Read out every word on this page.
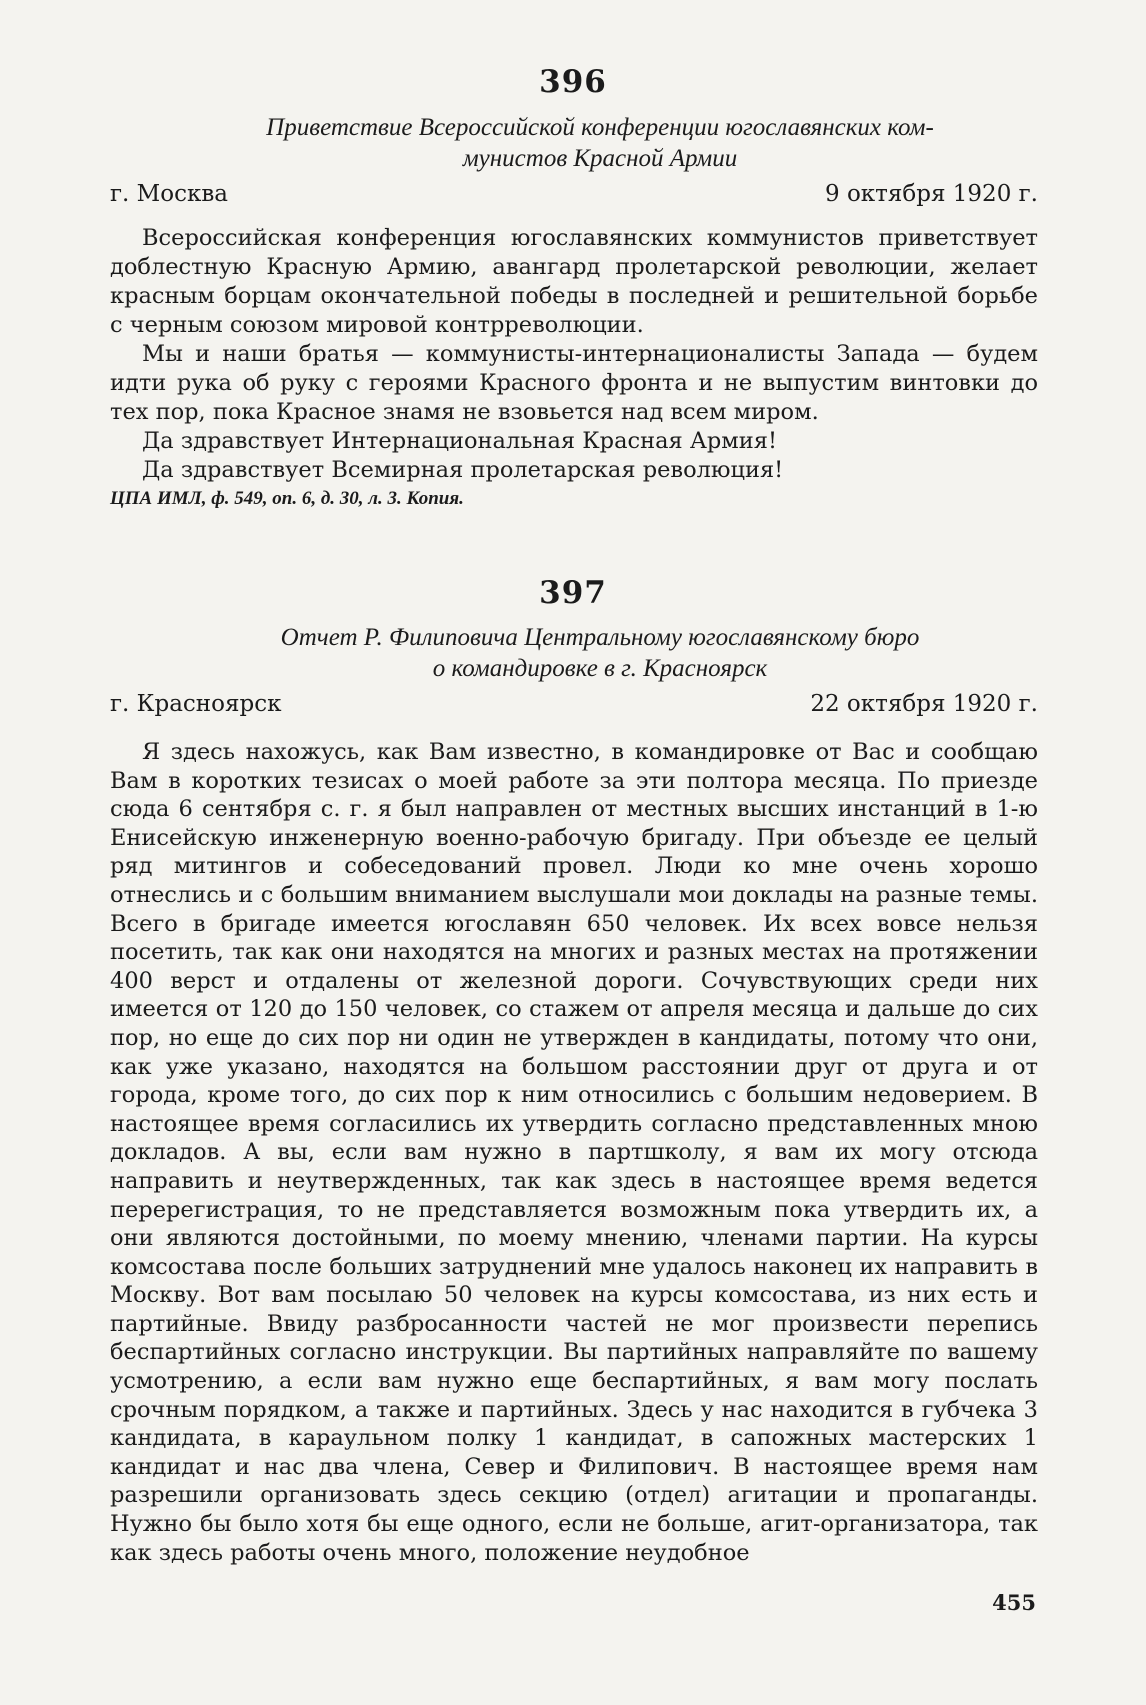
396
Приветствие Всероссийской конференции югославянских ком-
мунистов Красной Армии
г. Москва	9 октября 1920 г.

Всероссийская конференция югославянских коммунистов приветствует доблестную Красную Армию, авангард пролетарской революции, желает красным борцам окончательной победы в последней и решительной борьбе с черным союзом мировой контрреволюции.

Мы и наши братья — коммунисты-интернационалисты Запада — будем идти рука об руку с героями Красного фронта и не выпустим винтовки до тех пор, пока Красное знамя не взовьется над всем миром.

Да здравствует Интернациональная Красная Армия!

Да здравствует Всемирная пролетарская революция!

ЦПА ИМЛ, ф. 549, оп. 6, д. 30, л. 3. Копия.
397
Отчет Р. Филиповича Центральному югославянскому бюро
о командировке в г. Красноярск
г. Красноярск	22 октября 1920 г.

Я здесь нахожусь, как Вам известно, в командировке от Вас и сообщаю Вам в коротких тезисах о моей работе за эти полтора месяца. По приезде сюда 6 сентября с. г. я был направлен от местных высших инстанций в 1-ю Енисейскую инженерную военно-рабочую бригаду. При объезде ее целый ряд митингов и собеседований провел. Люди ко мне очень хорошо отнеслись и с большим вниманием выслушали мои доклады на разные темы. Всего в бригаде имеется югославян 650 человек. Их всех вовсе нельзя посетить, так как они находятся на многих и разных местах на протяжении 400 верст и отдалены от железной дороги. Сочувствующих среди них имеется от 120 до 150 человек, со стажем от апреля месяца и дальше до сих пор, но еще до сих пор ни один не утвержден в кандидаты, потому что они, как уже указано, находятся на большом расстоянии друг от друга и от города, кроме того, до сих пор к ним относились с большим недоверием. В настоящее время согласились их утвердить согласно представленных мною докладов. А вы, если вам нужно в партшколу, я вам их могу отсюда направить и неутвержденных, так как здесь в настоящее время ведется перерегистрация, то не представляется возможным пока утвердить их, а они являются достойными, по моему мнению, членами партии. На курсы комсостава после больших затруднений мне удалось наконец их направить в Москву. Вот вам посылаю 50 человек на курсы комсостава, из них есть и партийные. Ввиду разбросанности частей не мог произвести перепись беспартийных согласно инструкции. Вы партийных направляйте по вашему усмотрению, а если вам нужно еще беспартийных, я вам могу послать срочным порядком, а также и партийных. Здесь у нас находится в губчека 3 кандидата, в караульном полку 1 кандидат, в сапожных мастерских 1 кандидат и нас два члена, Север и Филипович. В настоящее время нам разрешили организовать здесь секцию (отдел) агитации и пропаганды. Нужно бы было хотя бы еще одного, если не больше, агит-организатора, так как здесь работы очень много, положение неудобное

455
